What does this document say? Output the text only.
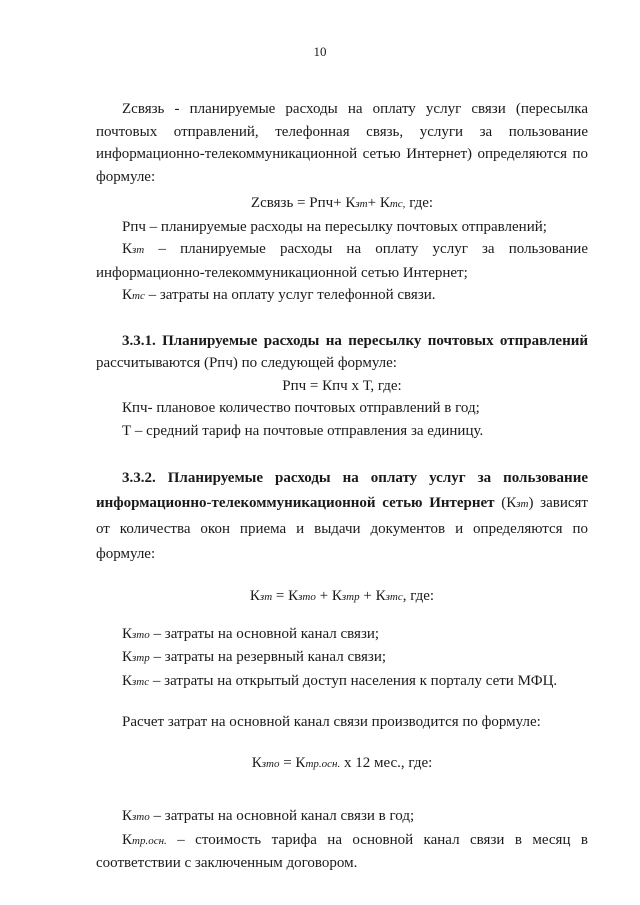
10

Zсвязь - планируемые расходы на оплату услуг связи (пересылка почтовых отправлений, телефонная связь, услуги за пользование информационно-телекоммуникационной сетью Интернет) определяются по формуле:

Zсвязь = Рпч+ Кзт+ Ктс, где:

Рпч – планируемые расходы на пересылку почтовых отправлений;

Кзт – планируемые расходы на оплату услуг за пользование информационно-телекоммуникационной сетью Интернет;

Ктс – затраты на оплату услуг телефонной связи.

3.3.1. Планируемые расходы на пересылку почтовых отправлений рассчитываются (Рпч) по следующей формуле:

Рпч = Кпч х Т, где:

Кпч- плановое количество почтовых отправлений в год;

Т – средний тариф на почтовые отправления за единицу.

3.3.2. Планируемые расходы на оплату услуг за пользование информационно-телекоммуникационной сетью Интернет (Кзт) зависят от количества окон приема и выдачи документов и определяются по формуле:

Кзт = Кзто + Кзтр + Кзтс, где:

Кзто – затраты на основной канал связи;

Кзтр – затраты на резервный канал связи;

Кзтс – затраты на открытый доступ населения к порталу сети МФЦ.

Расчет затрат на основной канал связи производится по формуле:

Кзто = Ктр.осн. х 12 мес., где:

Кзто – затраты на основной канал связи в год;

Ктр.осн. – стоимость тарифа на основной канал связи в месяц в соответствии с заключенным договором.
